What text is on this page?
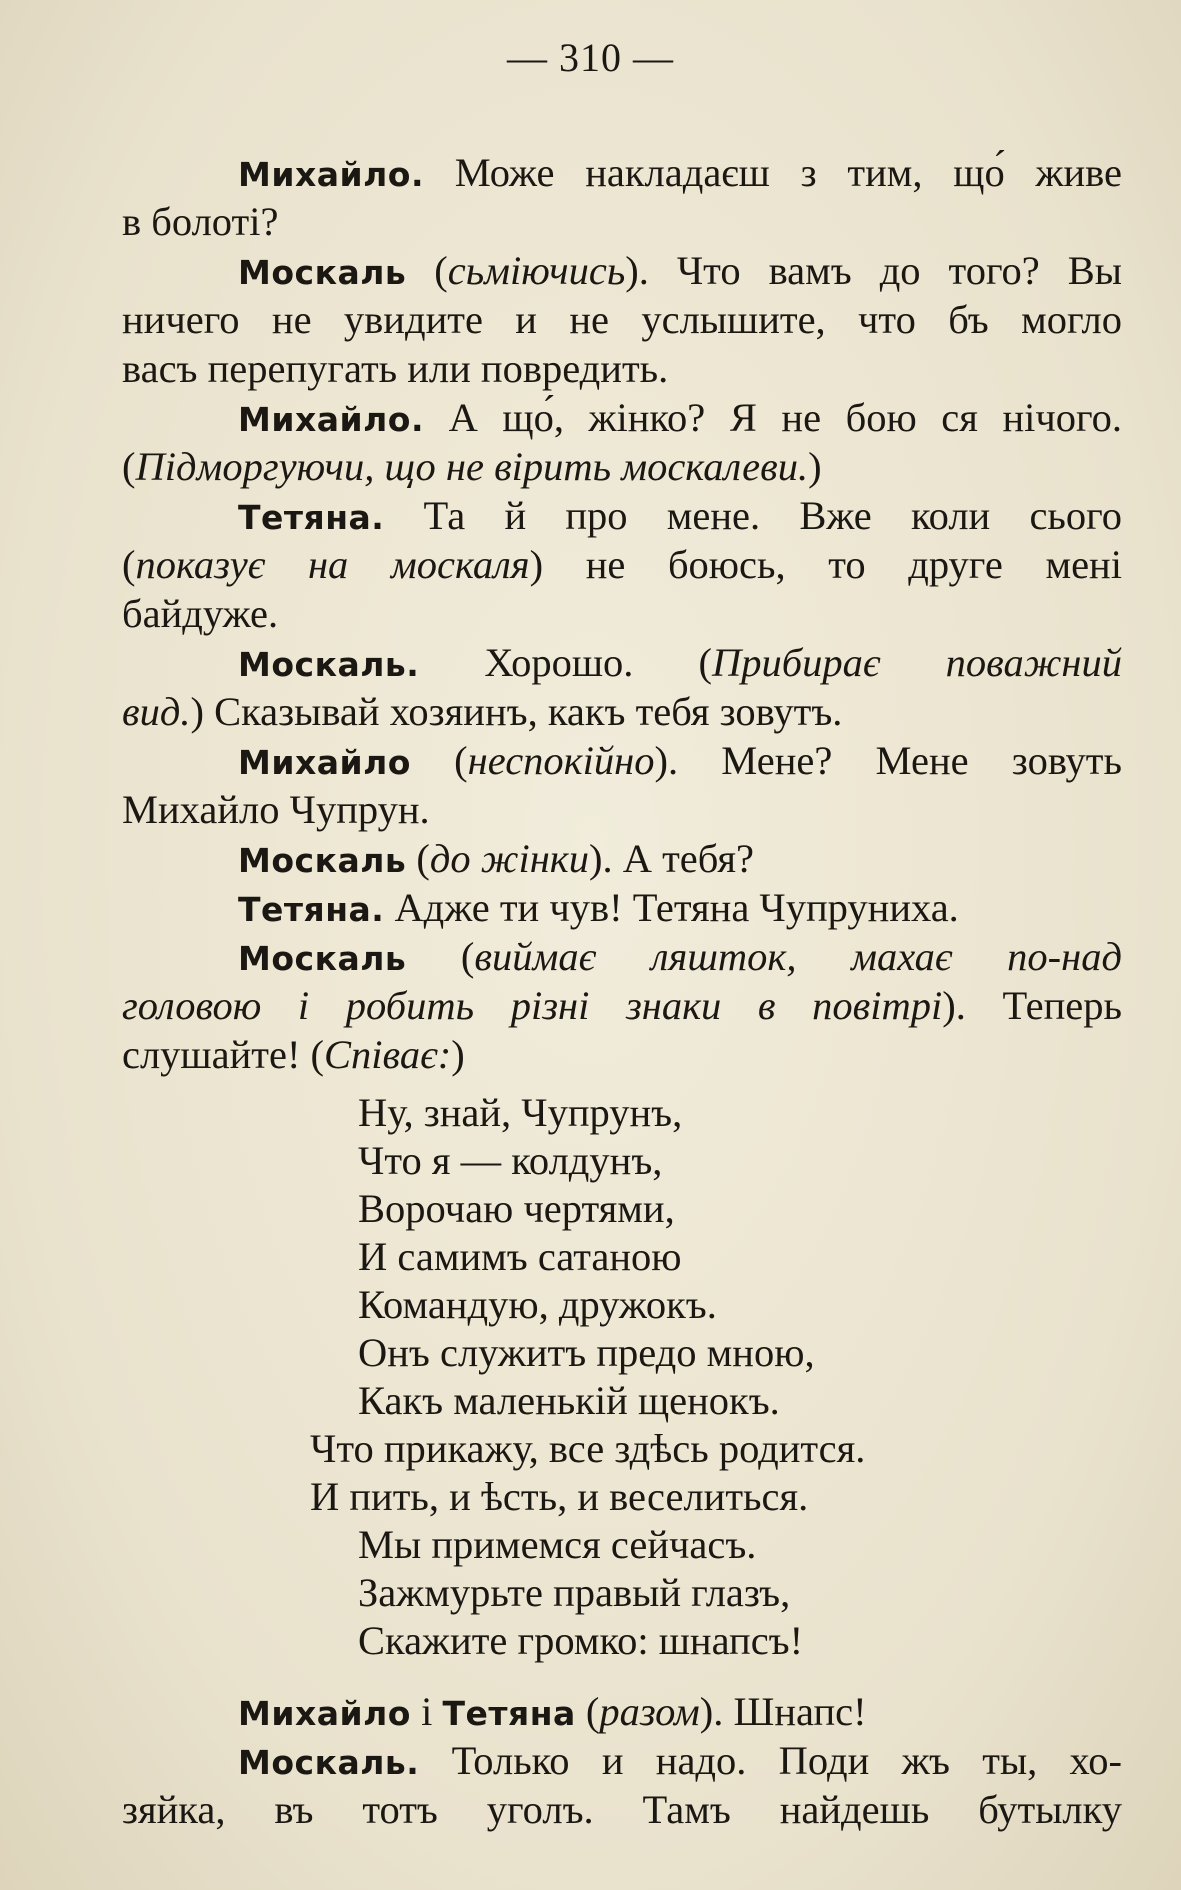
— 310 —
Михайло. Може накладаєш з тим, що́ живе
в болоті?
Москаль (сьміючись). Что вамъ до того? Вы
ничего не увидите и не услышите, что бъ могло
васъ перепугать или повредить.
Михайло. А що́, жінко? Я не бою ся нічого.
(Підморгуючи, що не вірить москалеви.)
Тетяна. Та й про мене. Вже коли сього
(показує на москаля) не боюсь, то друге мені
байдуже.
Москаль. Хорошо. (Прибирає поважний
вид.) Сказывай хозяинъ, какъ тебя зовутъ.
Михайло (неспокійно). Мене? Мене зовуть
Михайло Чупрун.
Москаль (до жінки). А тебя?
Тетяна. Адже ти чув! Тетяна Чупруниха.
Москаль (виймає ляшток, махає по-над
головою і робить різні знаки в повітрі). Теперь
слушайте! (Співає:)
Ну, знай, Чупрунъ,
Что я — колдунъ,
Ворочаю чертями,
И самимъ сатаною
Командую, дружокъ.
Онъ служитъ предо мною,
Какъ маленькій щенокъ.
Что прикажу, все здѣсь родится.
И пить, и ѣсть, и веселиться.
Мы примемся сейчасъ.
Зажмурьте правый глазъ,
Скажите громко: шнапсъ!
Михайло і Тетяна (разом). Шнапс!
Москаль. Только и надо. Поди жъ ты, хо-
зяйка, въ тотъ уголъ. Тамъ найдешь бутылку
